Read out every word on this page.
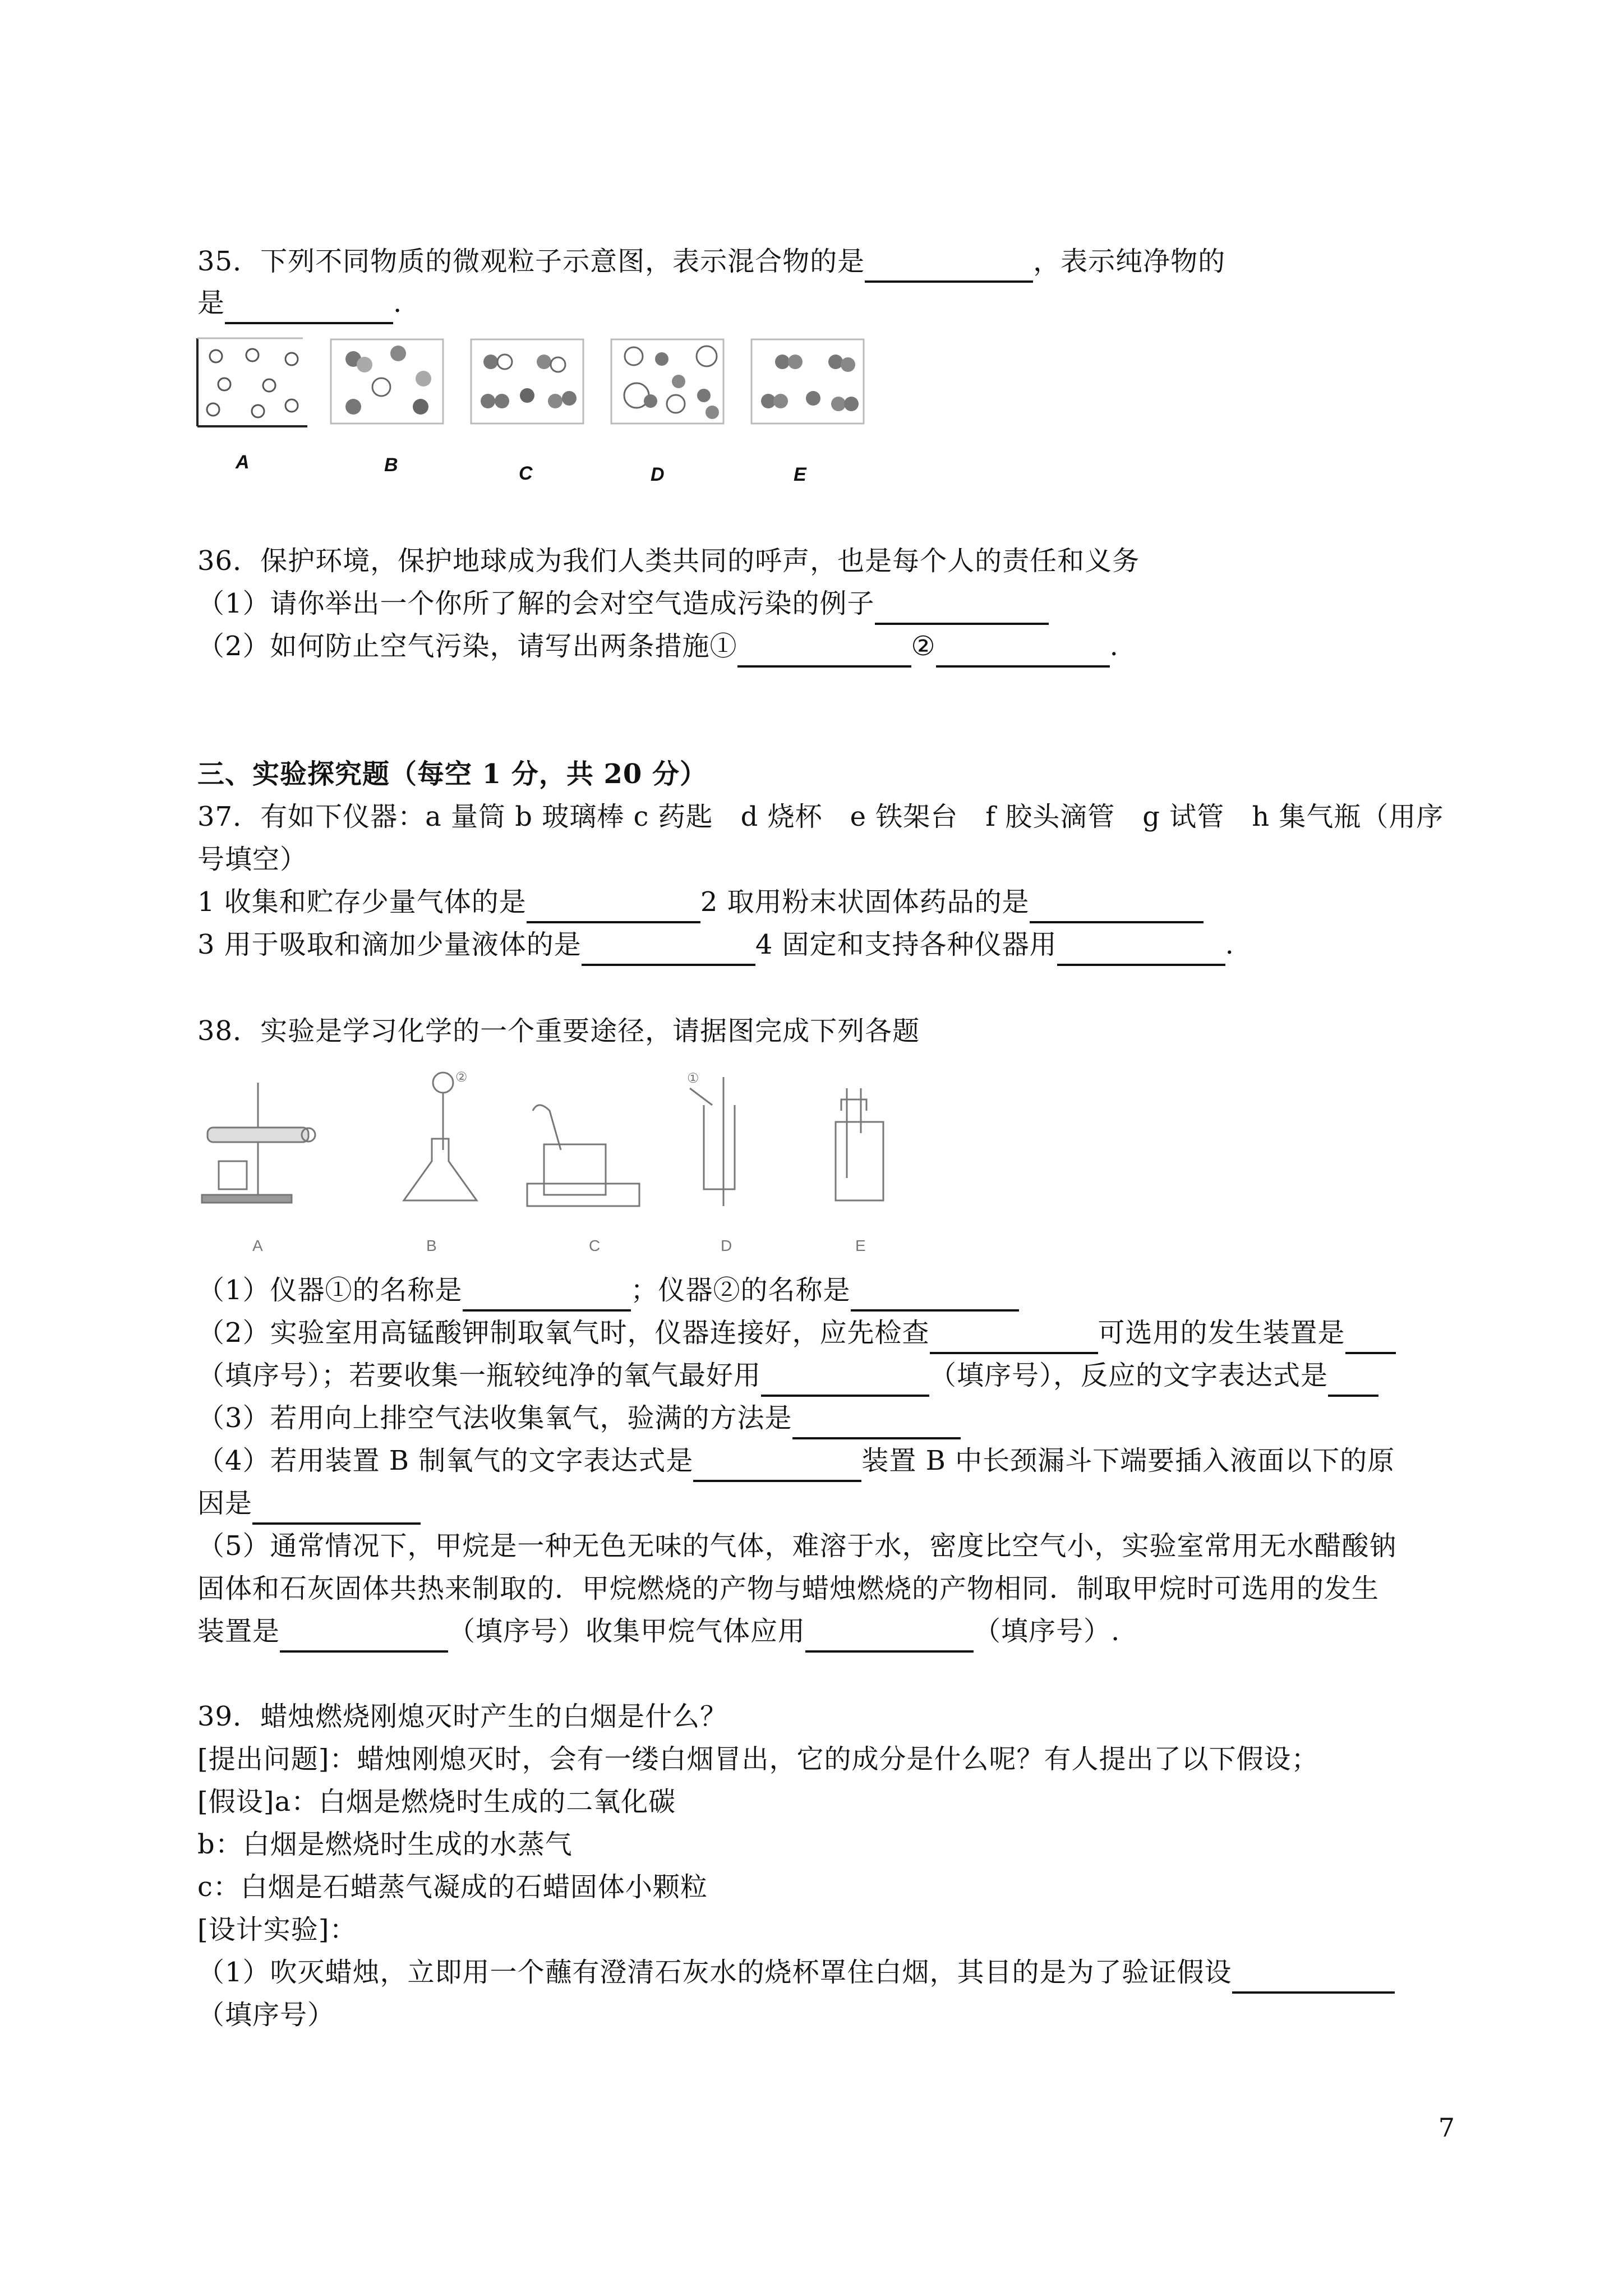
35．下列不同物质的微观粒子示意图，表示混合物的是	，表示纯净物的
是	.
A	B	C	D	E
36．保护环境，保护地球成为我们人类共同的呼声，也是每个人的责任和义务
（1）请你举出一个你所了解的会对空气造成污染的例子
（2）如何防止空气污染，请写出两条措施①	②	.
三、实验探究题（每空 1 分，共 20 分）
37．有如下仪器：a 量筒 b 玻璃棒 c 药匙　d 烧杯　e 铁架台　f 胶头滴管　g 试管　h 集气瓶（用序
号填空）
1 收集和贮存少量气体的是	2 取用粉末状固体药品的是
3 用于吸取和滴加少量液体的是	4 固定和支持各种仪器用	.
38．实验是学习化学的一个重要途径，请据图完成下列各题
②	①
A	B	C	D	E
（1）仪器①的名称是	；仪器②的名称是
（2）实验室用高锰酸钾制取氧气时，仪器连接好，应先检查	可选用的发生装置是
（填序号）；若要收集一瓶较纯净的氧气最好用	（填序号），反应的文字表达式是
（3）若用向上排空气法收集氧气，验满的方法是
（4）若用装置 B 制氧气的文字表达式是	装置 B 中长颈漏斗下端要插入液面以下的原
因是
（5）通常情况下，甲烷是一种无色无味的气体，难溶于水，密度比空气小，实验室常用无水醋酸钠
固体和石灰固体共热来制取的．甲烷燃烧的产物与蜡烛燃烧的产物相同．制取甲烷时可选用的发生
装置是	（填序号）收集甲烷气体应用	（填序号）.
39．蜡烛燃烧刚熄灭时产生的白烟是什么？
[提出问题]：蜡烛刚熄灭时，会有一缕白烟冒出，它的成分是什么呢？有人提出了以下假设；
[假设]a：白烟是燃烧时生成的二氧化碳
b：白烟是燃烧时生成的水蒸气
c：白烟是石蜡蒸气凝成的石蜡固体小颗粒
[设计实验]：
（1）吹灭蜡烛，立即用一个蘸有澄清石灰水的烧杯罩住白烟，其目的是为了验证假设
（填序号）
7
